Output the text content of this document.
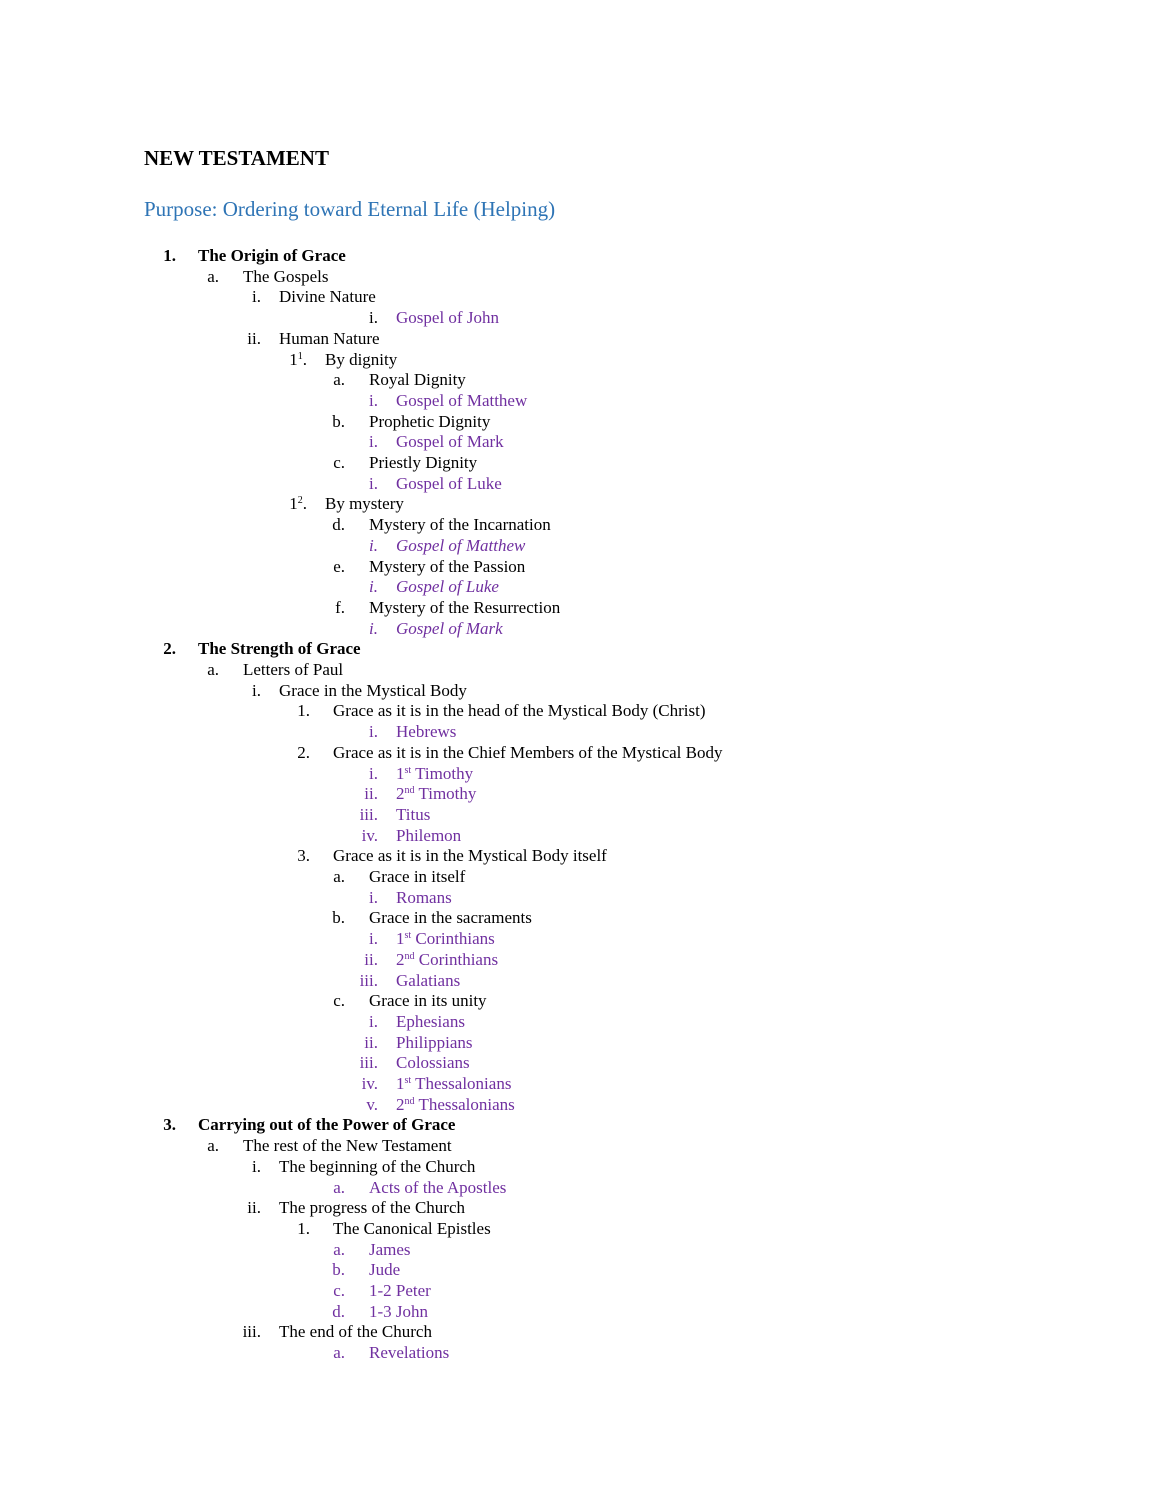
NEW TESTAMENT
Purpose: Ordering toward Eternal Life (Helping)
1. The Origin of Grace
a. The Gospels
i. Divine Nature
i. Gospel of John
ii. Human Nature
$1^1$. By dignity
a. Royal Dignity
i. Gospel of Matthew
b. Prophetic Dignity
i. Gospel of Mark
c. Priestly Dignity
i. Gospel of Luke
$1^2$. By mystery
d. Mystery of the Incarnation
i. Gospel of Matthew
e. Mystery of the Passion
i. Gospel of Luke
f. Mystery of the Resurrection
i. Gospel of Mark
2. The Strength of Grace
a. Letters of Paul
i. Grace in the Mystical Body
1. Grace as it is in the head of the Mystical Body (Christ)
i. Hebrews
2. Grace as it is in the Chief Members of the Mystical Body
i. 1st Timothy
ii. 2nd Timothy
iii. Titus
iv. Philemon
3. Grace as it is in the Mystical Body itself
a. Grace in itself
i. Romans
b. Grace in the sacraments
i. 1st Corinthians
ii. 2nd Corinthians
iii. Galatians
c. Grace in its unity
i. Ephesians
ii. Philippians
iii. Colossians
iv. 1st Thessalonians
v. 2nd Thessalonians
3. Carrying out of the Power of Grace
a. The rest of the New Testament
i. The beginning of the Church
a. Acts of the Apostles
ii. The progress of the Church
1. The Canonical Epistles
a. James
b. Jude
c. 1-2 Peter
d. 1-3 John
iii. The end of the Church
a. Revelations
